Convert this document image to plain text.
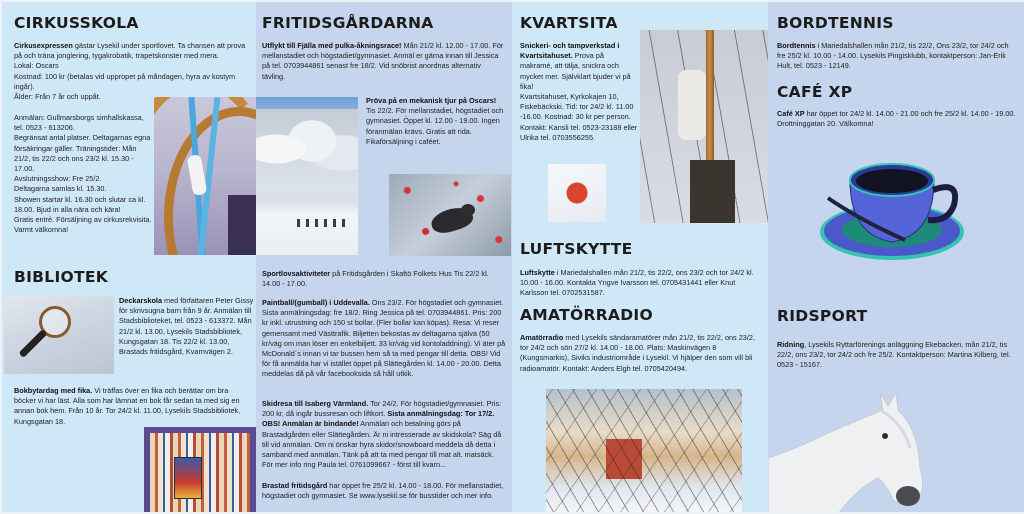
CIRKUSSKOLA
Cirkusexpressen gästar Lysekil under sportlovet. Ta chansen att prova på och träna jonglering, tygakrobatik, trapetskonster med mera.
Lokal: Oscars
Kostnad: 100 kr (betalas vid uppropet på måndagen, hyra av kostym ingår).
Ålder: Från 7 år och uppåt.
Anmälan: Gullmarsborgs simhallskassa, tel. 0523 - 613206.
Begränsat antal platser. Deltagarnas egna försäkringar gäller. Träningstider: Mån 21/2, tis 22/2 och ons 23/2 kl. 15.30 - 17.00.
Avslutningsshow: Fre 25/2.
Deltagarna samlas kl. 15.30.
Showen startar kl. 16.30 och slutar ca kl. 18.00. Bjud in alla nära och kära!
Gratis entré. Försäljning av cirkusrekvisita.
Varmt välkomna!
BIBLIOTEK
Deckarskola med författaren Peter Gissy för skrivsugna barn från 9 år. Anmälan till Stadsbiblioteket, tel. 0523 - 613372. Mån 21/2 kl. 13.00, Lysekils Stadsbibliotek, Kungsgatan 18. Tis 22/2 kl. 13.00, Brastads fritidsgård, Kvarnvägen 2.
Bokbytardag med fika. Vi träffas över en fika och berättar om bra böcker vi har läst. Alla som har lämnat en bok får sedan ta med sig en annan bok hem. Från 10 år. Tor 24/2 kl. 11.00, Lysekils Stadsbibliotek, Kungsgatan 18.
FRITIDSGÅRDARNA
Utflykt till Fjälla med pulka-åkningsrace! Mån 21/2 kl. 12.00 - 17.00. För mellanstadiet och högstadiet/gymnasiet. Anmäl er gärna innan till Jessica på tel. 0703944861 senast fre 18/2. Vid snöbrist anordnas alternativ tävling.
Pröva på en mekanisk tjur på Oscars! Tis 22/2. För mellanstadiet, högstadiet och gymnasiet. Öppet kl. 12.00 - 19.00. Ingen föranmälan krävs. Gratis att rida. Fikaförsäljning i caféet.
Sportlovsaktiviteter på Fritidsgården i Skaftö Folkets Hus Tis 22/2 kl. 14.00 - 17.00.
Paintball/(gumball) i Uddevalla. Ons 23/2. För högstadiet och gymnasiet. Sista anmälningsdag: fre 18/2. Ring Jessica på tel. 0703944861. Pris: 200 kr inkl. utrustning och 150 st bollar. (Fler bollar kan köpas). Resa: Vi reser gemensamt med Västtrafik. Biljetten bekostas av deltagarna själva (50 kr/väg om man löser en enkelbiljett. 33 kr/väg vid kontoladdning). Vi äter på McDonald´s innan vi tar bussen hem så ta med pengar till detta. OBS! Vid för få anmälda har vi istället öppet på Slättegården kl. 14.00 - 20.00. Detta meddelas då på vår facebooksida så håll utkik.
Skidresa till Isaberg Värmland. Tor 24/2. För högstadiet/gymnasiet. Pris: 200 kr, då ingår bussresan och liftkort. Sista anmälningsdag: Tor 17/2. OBS! Anmälan är bindande! Anmälan och betalning görs på Brastadgården eller Slättegården. Är ni intresserade av skidskola? Säg då till vid anmälan. Om ni önskar hyra skidor/snowboard meddela då detta i samband med anmälan. Tänk på att ta med pengar till mat alt. matsäck. För mer info ring Paula tel. 0761099667 - först till kvarn...
Brastad fritidsgård har öppet fre 25/2 kl. 14.00 - 18.00. För mellanstadiet, högstadiet och gymnasiet. Se www.lysekil.se för busstider och mer info.
KVARTSITA
Snickeri- och tampverkstad i Kvartsitahuset. Prova på makramé, att tälja, snickra och mycket mer. Självklart bjuder vi på fika!
Kvartsitahuset, Kyrkokajen 10, Fiskebäckski. Tid: tor 24/2 kl. 11.00 -16.00. Kostnad: 30 kr per person.
Kontakt: Kansli tel. 0523-23188 eller Ulrika tel. 0703556255.
LUFTSKYTTE
Luftskytte i Mariedalshallen mån 21/2, tis 22/2, ons 23/2 och tor 24/2 kl. 10.00 - 16.00. Kontakta Yngve Ivarsson tel. 0705431441 eller Knut Karlsson tel. 0702531587.
AMATÖRRADIO
Amatörradio med Lysekils sändaramatörer mån 21/2, tis 22/2, ons 23/2, tor 24/2 och sön 27/2 kl. 14.00 - 18.00. Plats: Maskinvägen 8 (Kungsmarkis), Siviks industriområde i Lysekil. Vi hjälper den som vill bli radioamatör. Kontakt: Anders Elgh tel. 0705420494.
BORDTENNIS
Bordtennis i Mariedalshallen mån 21/2, tis 22/2, Ons 23/2, tor 24/2 och fre 25/2 kl. 10.00 - 14.00. Lysekils Pingisklubb, kontaktperson: Jan-Erik Hult, tel. 0523 - 12149.
CAFÉ XP
Café XP har öppet tor 24/2 kl. 14.00 - 21.00 och fre 25/2 kl. 14.00 - 19.00. Drottninggatan 20. Välkomna!
RIDSPORT
Ridning, Lysekils Ryttarförenings anläggning Ekebacken, mån 21/2, tis 22/2, ons 23/2, tor 24/2 och fre 25/2. Kontaktperson: Martina Kilberg, tel. 0523 - 15167.
